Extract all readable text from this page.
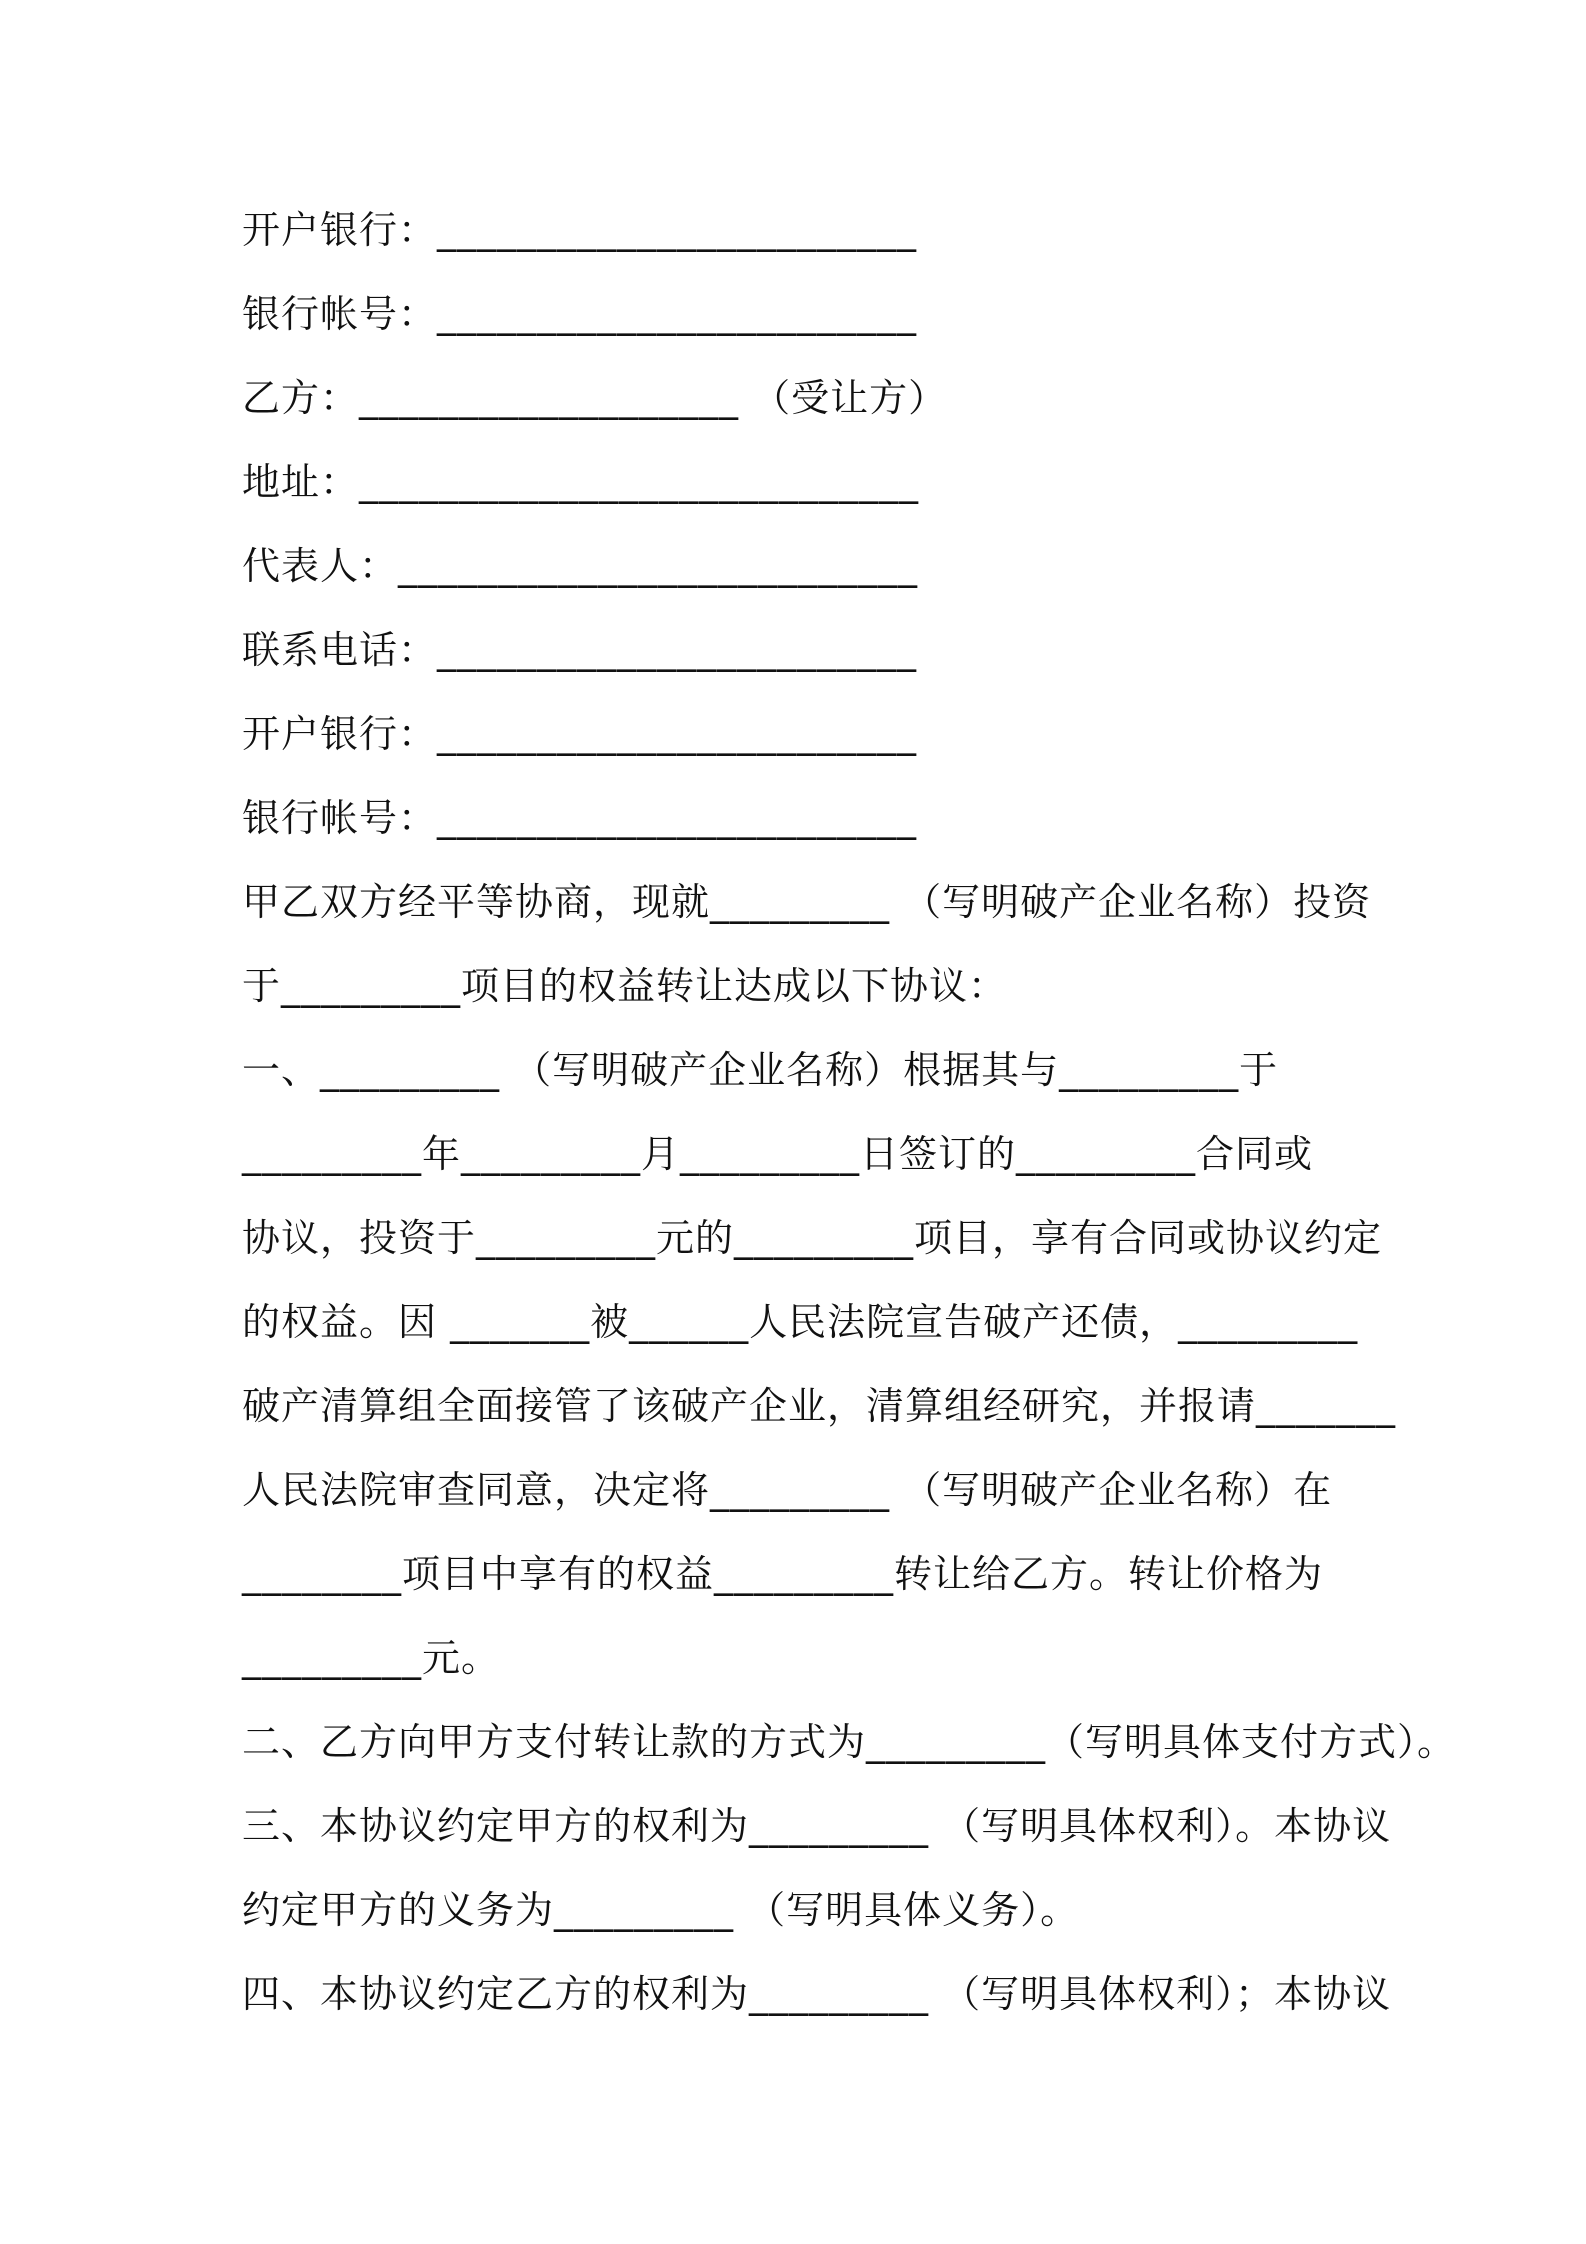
开户银行：________________________
银行帐号：________________________
乙方：___________________ （受让方）
地址：____________________________
代表人：__________________________
联系电话：________________________
开户银行：________________________
银行帐号：________________________
甲乙双方经平等协商，现就_________ （写明破产企业名称）投资
于_________项目的权益转让达成以下协议：
一、_________ （写明破产企业名称）根据其与_________于
_________年_________月_________日签订的_________合同或
协议，投资于_________元的_________项目，享有合同或协议约定
的权益。因 _______被______人民法院宣告破产还债，_________
破产清算组全面接管了该破产企业，清算组经研究，并报请_______
人民法院审查同意，决定将_________ （写明破产企业名称）在
________项目中享有的权益_________转让给乙方。转让价格为
_________元。
二、乙方向甲方支付转让款的方式为_________（写明具体支付方式）。
三、本协议约定甲方的权利为_________ （写明具体权利）。本协议
约定甲方的义务为_________ （写明具体义务）。
四、本协议约定乙方的权利为_________ （写明具体权利）；本协议
